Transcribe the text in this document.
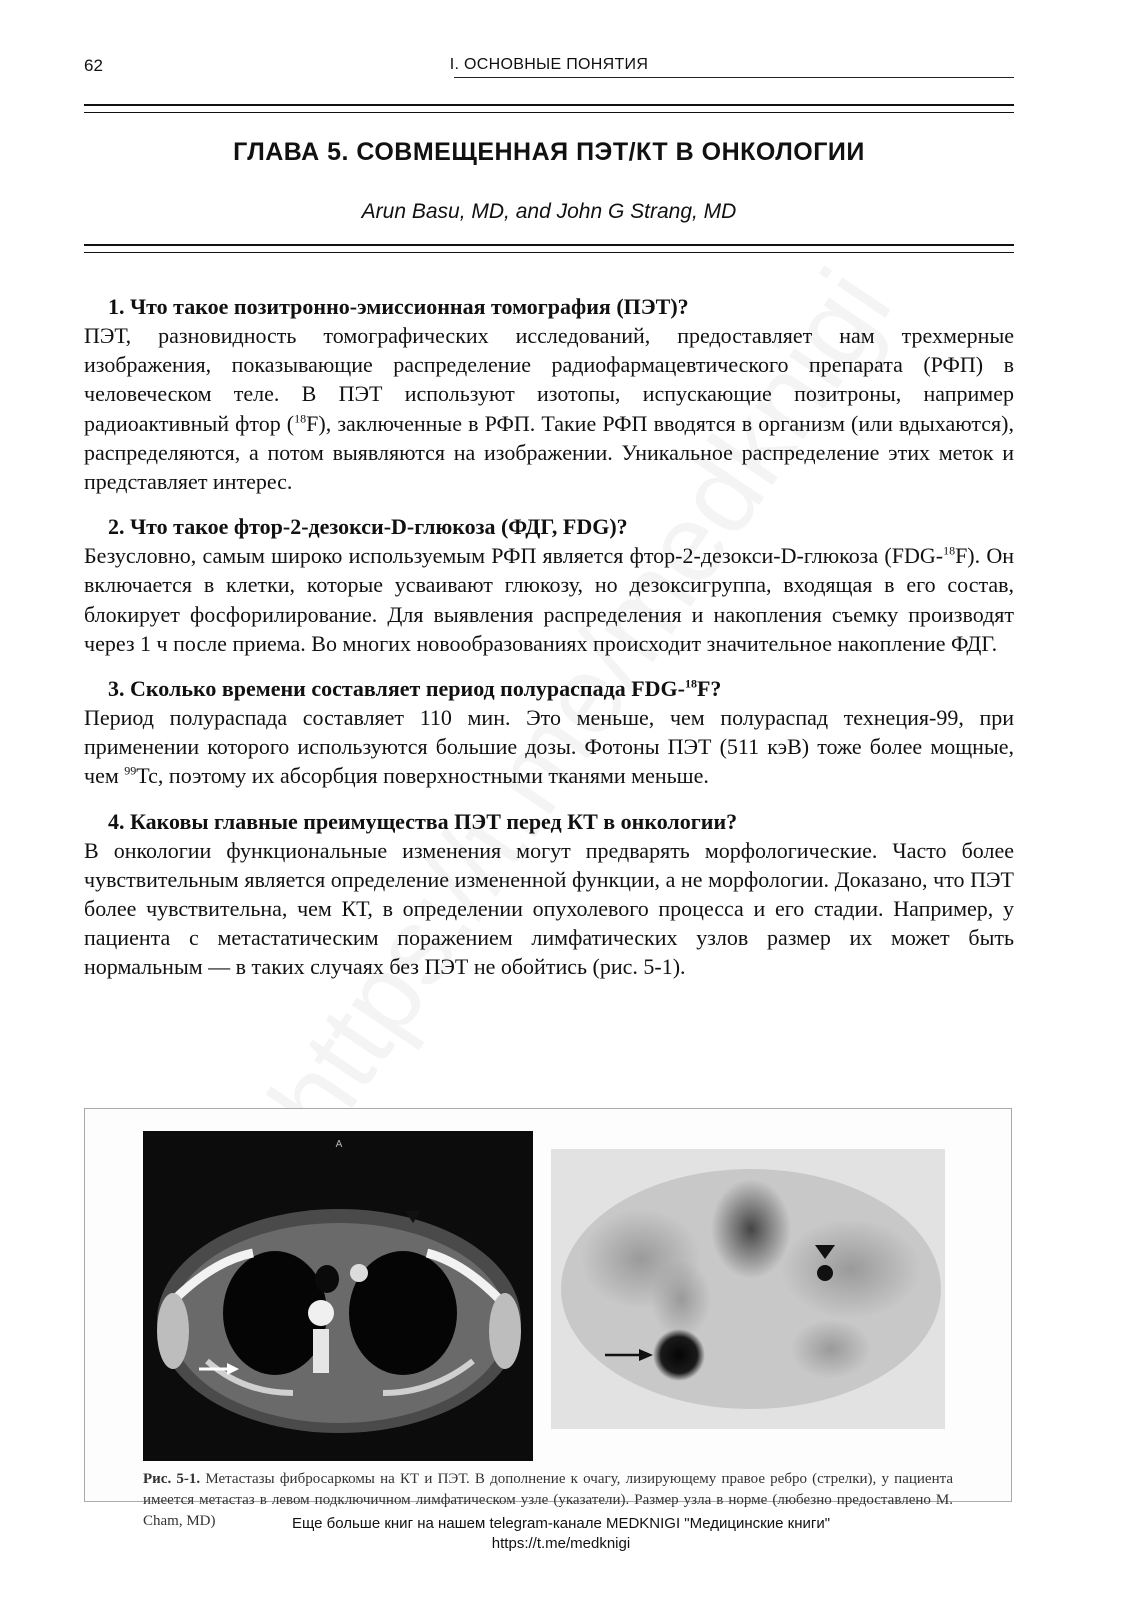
62	I. ОСНОВНЫЕ ПОНЯТИЯ
ГЛАВА 5. СОВМЕЩЕННАЯ ПЭТ/КТ В ОНКОЛОГИИ
Arun Basu, MD, and John G Strang, MD
1. Что такое позитронно-эмиссионная томография (ПЭТ)?
ПЭТ, разновидность томографических исследований, предоставляет нам трехмерные изображения, показывающие распределение радиофармацевтического препарата (РФП) в человеческом теле. В ПЭТ используют изотопы, испускающие позитроны, например радиоактивный фтор ($^{18}$F), заключенные в РФП. Такие РФП вводятся в организм (или вдыхаются), распределяются, а потом выявляются на изображении. Уникальное распределение этих меток и представляет интерес.
2. Что такое фтор-2-дезокси-D-глюкоза (ФДГ, FDG)?
Безусловно, самым широко используемым РФП является фтор-2-дезокси-D-глюкоза (FDG-$^{18}$F). Он включается в клетки, которые усваивают глюкозу, но дезоксигруппа, входящая в его состав, блокирует фосфорилирование. Для выявления распределения и накопления съемку производят через 1 ч после приема. Во многих новообразованиях происходит значительное накопление ФДГ.
3. Сколько времени составляет период полураспада FDG-$^{18}$F?
Период полураспада составляет 110 мин. Это меньше, чем полураспад технеция-99, при применении которого используются большие дозы. Фотоны ПЭТ (511 кэВ) тоже более мощные, чем $^{99}$Tc, поэтому их абсорбция поверхностными тканями меньше.
4. Каковы главные преимущества ПЭТ перед КТ в онкологии?
В онкологии функциональные изменения могут предварять морфологические. Часто более чувствительным является определение измененной функции, а не морфологии. Доказано, что ПЭТ более чувствительна, чем КТ, в определении опухолевого процесса и его стадии. Например, у пациента с метастатическим поражением лимфатических узлов размер их может быть нормальным — в таких случаях без ПЭТ не обойтись (рис. 5-1).
A
Рис. 5-1. Метастазы фибросаркомы на КТ и ПЭТ. В дополнение к очагу, лизирующему правое ребро (стрелки), у пациента имеется метастаз в левом подключичном лимфатическом узле (указатели). Размер узла в норме (любезно предоставлено M. Cham, MD)	Еще больше книг на нашем telegram-канале MEDKNIGI "Медицинские книги"
https://t.me/medknigi
